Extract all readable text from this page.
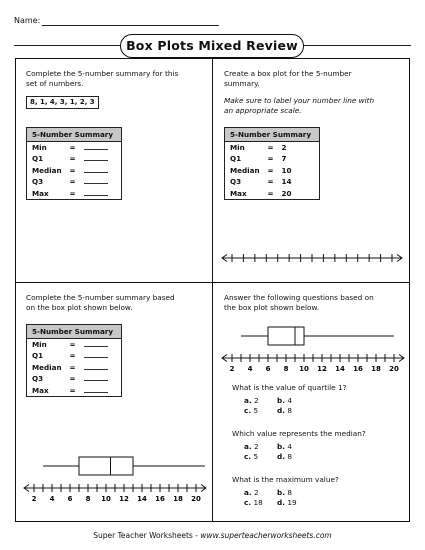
Name:
Box Plots Mixed Review
Complete the 5-number summary for this
set of numbers.
8, 1, 4, 3, 1, 2, 3
5-Number Summary		
Min	=	
Q1	=	
Median	=	
Q3	=	
Max	=	
Create a box plot for the 5-number
summary.
Make sure to label your number line with
an appropriate scale.
5-Number Summary		
Min	=	2
Q1	=	7
Median	=	10
Q3	=	14
Max	=	20
Complete the 5-number summary based
on the box plot shown below.
5-Number Summary		
Min	=	
Q1	=	
Median	=	
Q3	=	
Max	=	
2 4 6 8 10 12 14 16 18 20
Answer the following questions based on
the box plot shown below.
2 4 6 8 10 12 14 16 18 20
What is the value of quartile 1?
a. 2	b. 4
c. 5	d. 8
Which value represents the median?
a. 2	b. 4
c. 5	d. 8
What is the maximum value?
a. 2	b. 8
c. 18	d. 19
Super Teacher Worksheets - www.superteacherworksheets.com
